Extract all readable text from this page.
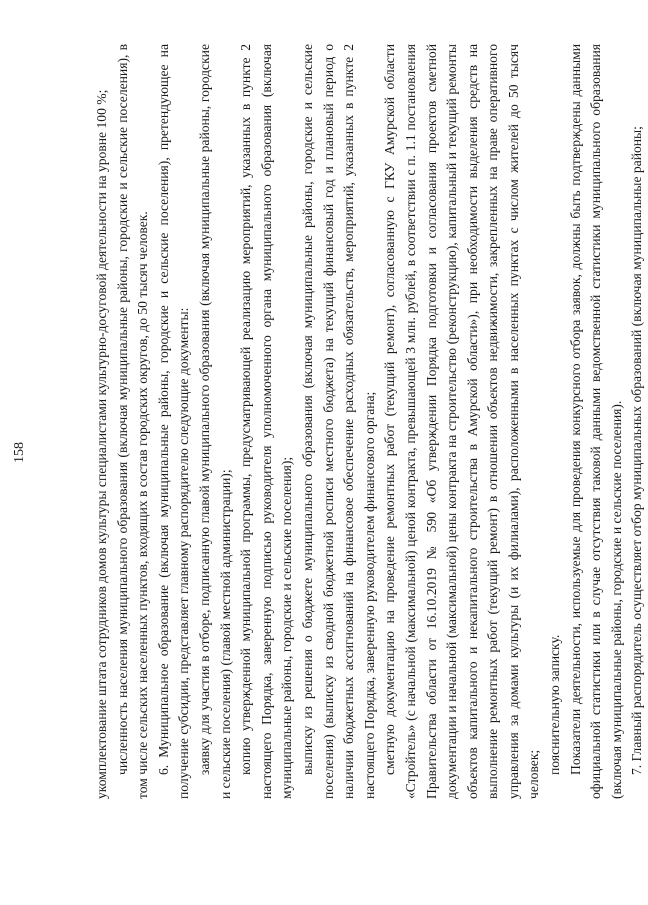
158	укомплектование штата сотрудников домов культуры специалистами культурно-досуговой деятельности на уровне 100 %; численность населения муниципального образования (включая муниципальные районы, городские и сельские поселения), в том числе сельских населенных пунктов, входящих в состав городских округов, до 50 тысяч человек. 6. Муниципальное образование (включая муниципальные районы, городские и сельские поселения), претендующее на получение субсидии, представляет главному распорядителю следующие документы: заявку для участия в отборе, подписанную главой муниципального образования (включая муниципальные районы, городские и сельские поселения) (главой местной администрации); копию утвержденной муниципальной программы, предусматривающей реализацию мероприятий, указанных в пункте 2 настоящего Порядка, заверенную подписью руководителя уполномоченного органа муниципального образования (включая муниципальные районы, городские и сельские поселения); выписку из решения о бюджете муниципального образования (включая муниципальные районы, городские и сельские поселения) (выписку из сводной бюджетной росписи местного бюджета) на текущий финансовый год и плановый период о наличии бюджетных ассигнований на финансовое обеспечение расходных обязательств, мероприятий, указанных в пункте 2 настоящего Порядка, заверенную руководителем финансового органа; сметную документацию на проведение ремонтных работ (текущий ремонт), согласованную с ГКУ Амурской области «Стройтель» (с начальной (максимальной) ценой контракта, превышающей 3 млн. рублей, в соответствии с п. 1.1 постановления Правительства области от 16.10.2019 № 590 «Об утверждении Порядка подготовки и согласования проектов сметной документации и начальной (максимальной) цены контракта на строительство (реконструкцию), капитальный и текущий ремонты объектов капитального и некапитального строительства в Амурской области»), при необходимости выделения средств на выполнение ремонтных работ (текущий ремонт) в отношении объектов недвижимости, закрепленных на праве оперативного управления за домами культуры (и их филиалами), расположенными в населенных пунктах с числом жителей до 50 тысяч человек; пояснительную записку. Показатели деятельности, используемые для проведения конкурсного отбора заявок, должны быть подтверждены данными официальной статистики или в случае отсутствия таковой данными ведомственной статистики муниципального образования (включая муниципальные районы, городские и сельские поселения). 7. Главный распорядитель осуществляет отбор муниципальных образований (включая муниципальные районы;
